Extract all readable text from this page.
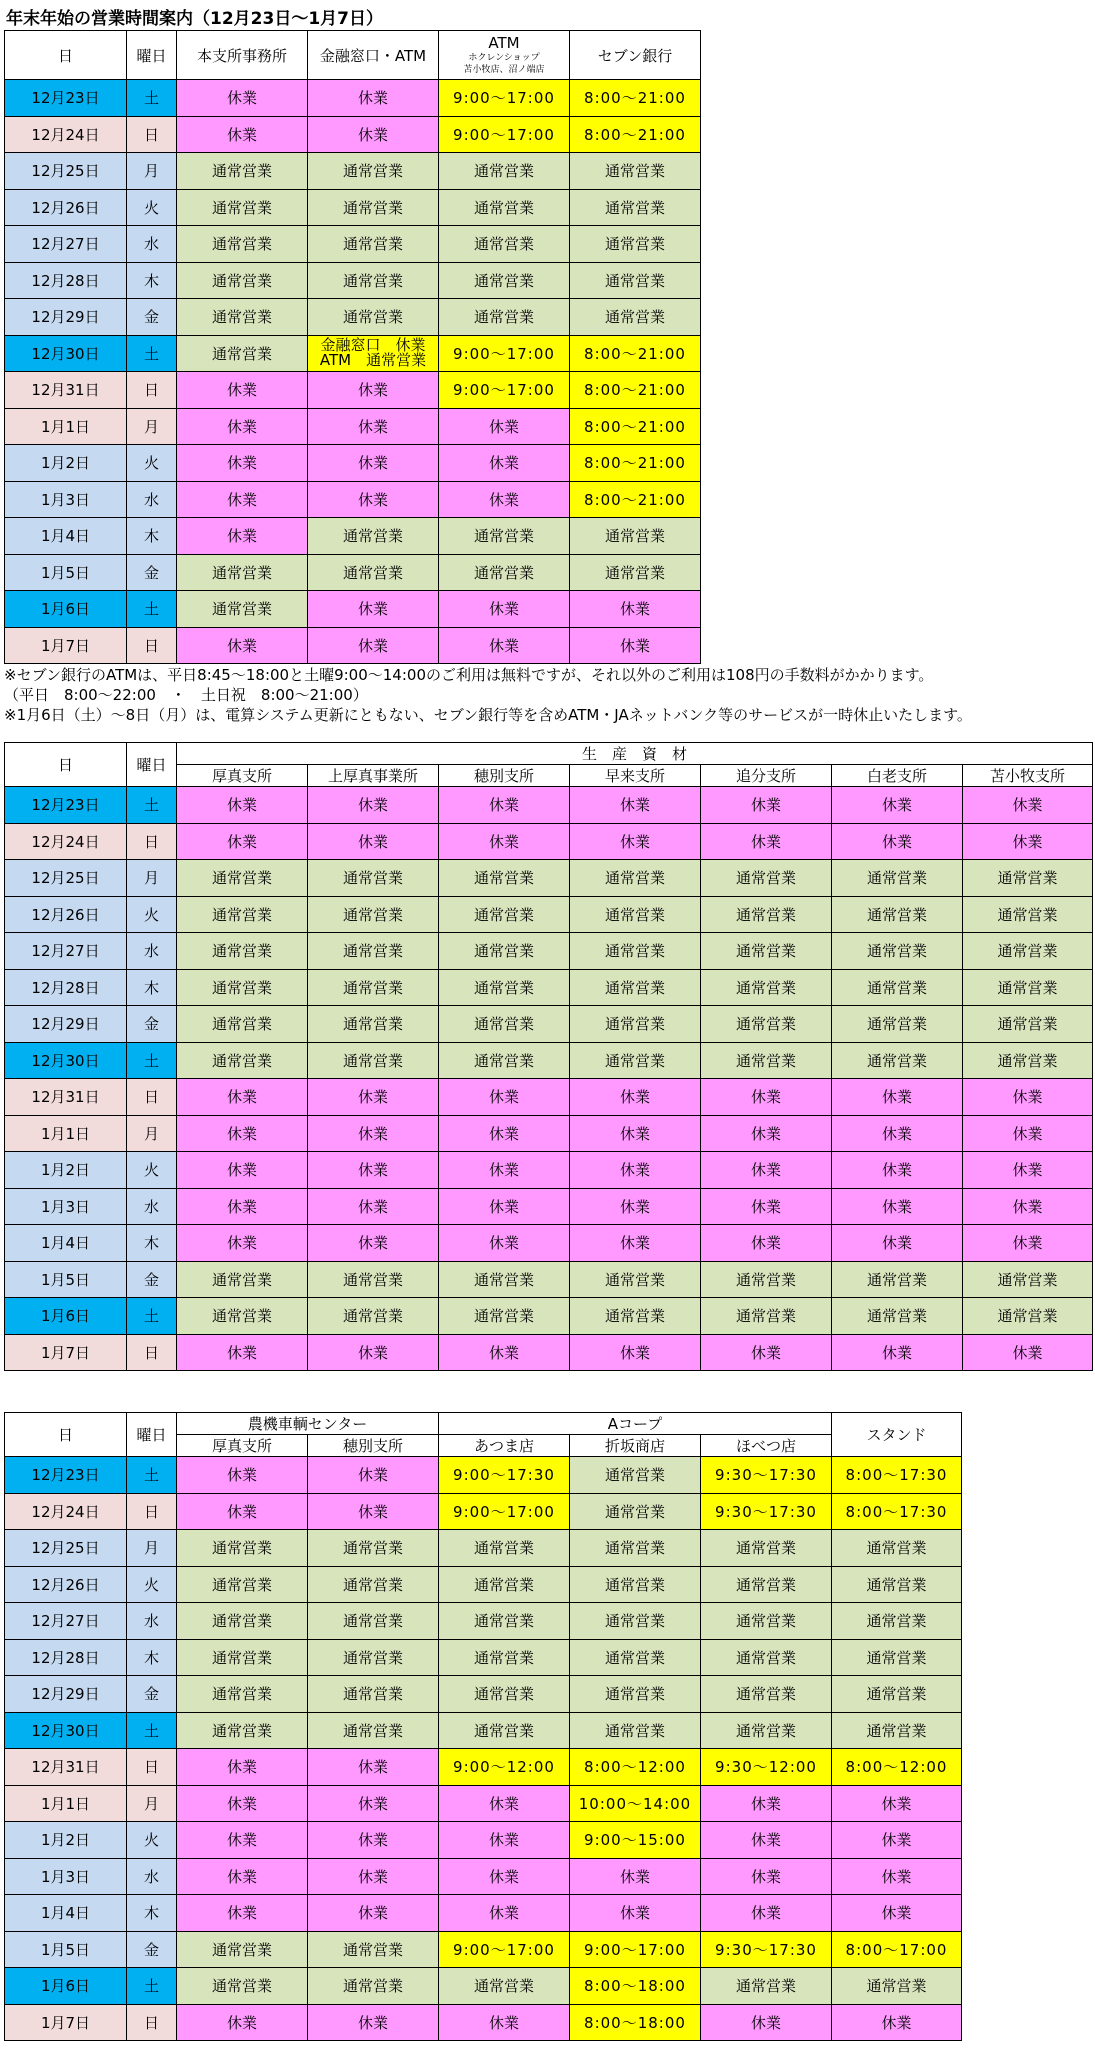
年末年始の営業時間案内（12月23日～1月7日）
日	曜日	本支所事務所	金融窓口・ATM	ATM
ホクレンショップ
苫小牧店、沼ノ端店	セブン銀行
12月23日	土	休業	休業	9:00～17:00	8:00～21:00
12月24日	日	休業	休業	9:00～17:00	8:00～21:00
12月25日	月	通常営業	通常営業	通常営業	通常営業
12月26日	火	通常営業	通常営業	通常営業	通常営業
12月27日	水	通常営業	通常営業	通常営業	通常営業
12月28日	木	通常営業	通常営業	通常営業	通常営業
12月29日	金	通常営業	通常営業	通常営業	通常営業
12月30日	土	通常営業	金融窓口　休業
ATM　通常営業	9:00～17:00	8:00～21:00
12月31日	日	休業	休業	9:00～17:00	8:00～21:00
1月1日	月	休業	休業	休業	8:00～21:00
1月2日	火	休業	休業	休業	8:00～21:00
1月3日	水	休業	休業	休業	8:00～21:00
1月4日	木	休業	通常営業	通常営業	通常営業
1月5日	金	通常営業	通常営業	通常営業	通常営業
1月6日	土	通常営業	休業	休業	休業
1月7日	日	休業	休業	休業	休業
※セブン銀行のATMは、平日8:45～18:00と土曜9:00～14:00のご利用は無料ですが、それ以外のご利用は108円の手数料がかかります。
（平日　8:00～22:00　・　土日祝　8:00～21:00）
※1月6日（土）～8日（月）は、電算システム更新にともない、セブン銀行等を含めATM・JAネットバンク等のサービスが一時休止いたします。
日	曜日	生　産　資　材						
		厚真支所	上厚真事業所	穂別支所	早来支所	追分支所	白老支所	苫小牧支所
12月23日	土	休業	休業	休業	休業	休業	休業	休業
12月24日	日	休業	休業	休業	休業	休業	休業	休業
12月25日	月	通常営業	通常営業	通常営業	通常営業	通常営業	通常営業	通常営業
12月26日	火	通常営業	通常営業	通常営業	通常営業	通常営業	通常営業	通常営業
12月27日	水	通常営業	通常営業	通常営業	通常営業	通常営業	通常営業	通常営業
12月28日	木	通常営業	通常営業	通常営業	通常営業	通常営業	通常営業	通常営業
12月29日	金	通常営業	通常営業	通常営業	通常営業	通常営業	通常営業	通常営業
12月30日	土	通常営業	通常営業	通常営業	通常営業	通常営業	通常営業	通常営業
12月31日	日	休業	休業	休業	休業	休業	休業	休業
1月1日	月	休業	休業	休業	休業	休業	休業	休業
1月2日	火	休業	休業	休業	休業	休業	休業	休業
1月3日	水	休業	休業	休業	休業	休業	休業	休業
1月4日	木	休業	休業	休業	休業	休業	休業	休業
1月5日	金	通常営業	通常営業	通常営業	通常営業	通常営業	通常営業	通常営業
1月6日	土	通常営業	通常営業	通常営業	通常営業	通常営業	通常営業	通常営業
1月7日	日	休業	休業	休業	休業	休業	休業	休業
日	曜日	農機車輌センター		Aコープ			スタンド
		厚真支所	穂別支所	あつま店	折坂商店	ほべつ店	
12月23日	土	休業	休業	9:00～17:30	通常営業	9:30～17:30	8:00～17:30
12月24日	日	休業	休業	9:00～17:00	通常営業	9:30～17:30	8:00～17:30
12月25日	月	通常営業	通常営業	通常営業	通常営業	通常営業	通常営業
12月26日	火	通常営業	通常営業	通常営業	通常営業	通常営業	通常営業
12月27日	水	通常営業	通常営業	通常営業	通常営業	通常営業	通常営業
12月28日	木	通常営業	通常営業	通常営業	通常営業	通常営業	通常営業
12月29日	金	通常営業	通常営業	通常営業	通常営業	通常営業	通常営業
12月30日	土	通常営業	通常営業	通常営業	通常営業	通常営業	通常営業
12月31日	日	休業	休業	9:00～12:00	8:00～12:00	9:30～12:00	8:00～12:00
1月1日	月	休業	休業	休業	10:00～14:00	休業	休業
1月2日	火	休業	休業	休業	9:00～15:00	休業	休業
1月3日	水	休業	休業	休業	休業	休業	休業
1月4日	木	休業	休業	休業	休業	休業	休業
1月5日	金	通常営業	通常営業	9:00～17:00	9:00～17:00	9:30～17:30	8:00～17:00
1月6日	土	通常営業	通常営業	通常営業	8:00～18:00	通常営業	通常営業
1月7日	日	休業	休業	休業	8:00～18:00	休業	休業
